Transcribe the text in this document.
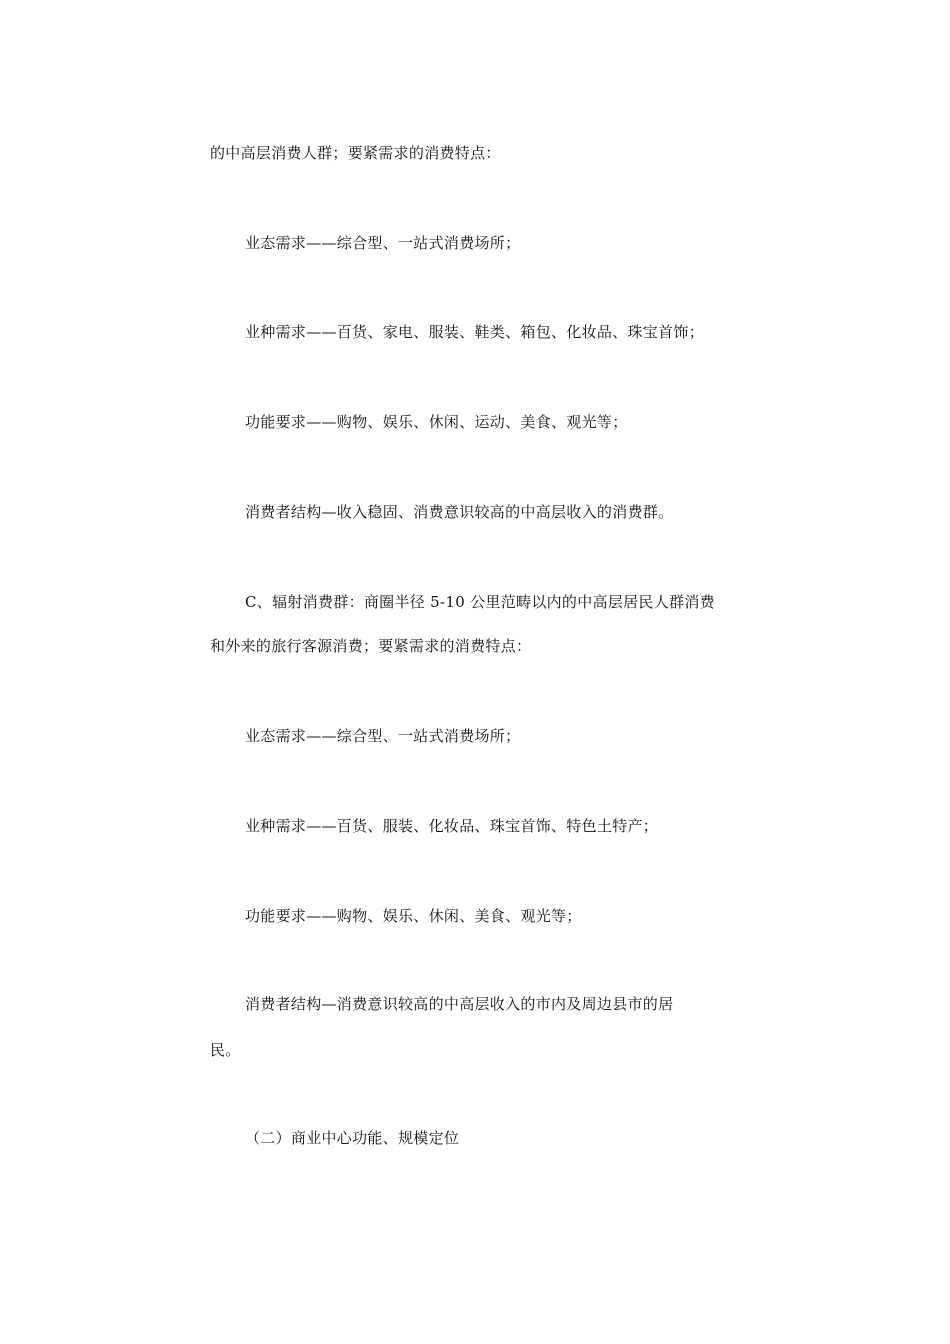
的中高层消费人群；要紧需求的消费特点：
业态需求——综合型、一站式消费场所；
业种需求——百货、家电、服装、鞋类、箱包、化妆品、珠宝首饰；
功能要求——购物、娱乐、休闲、运动、美食、观光等；
消费者结构—收入稳固、消费意识较高的中高层收入的消费群。
C、辐射消费群：商圈半径 5-10 公里范畴以内的中高层居民人群消费
和外来的旅行客源消费；要紧需求的消费特点：
业态需求——综合型、一站式消费场所；
业种需求——百货、服装、化妆品、珠宝首饰、特色土特产；
功能要求——购物、娱乐、休闲、美食、观光等；
消费者结构—消费意识较高的中高层收入的市内及周边县市的居
民。
（二）商业中心功能、规模定位
